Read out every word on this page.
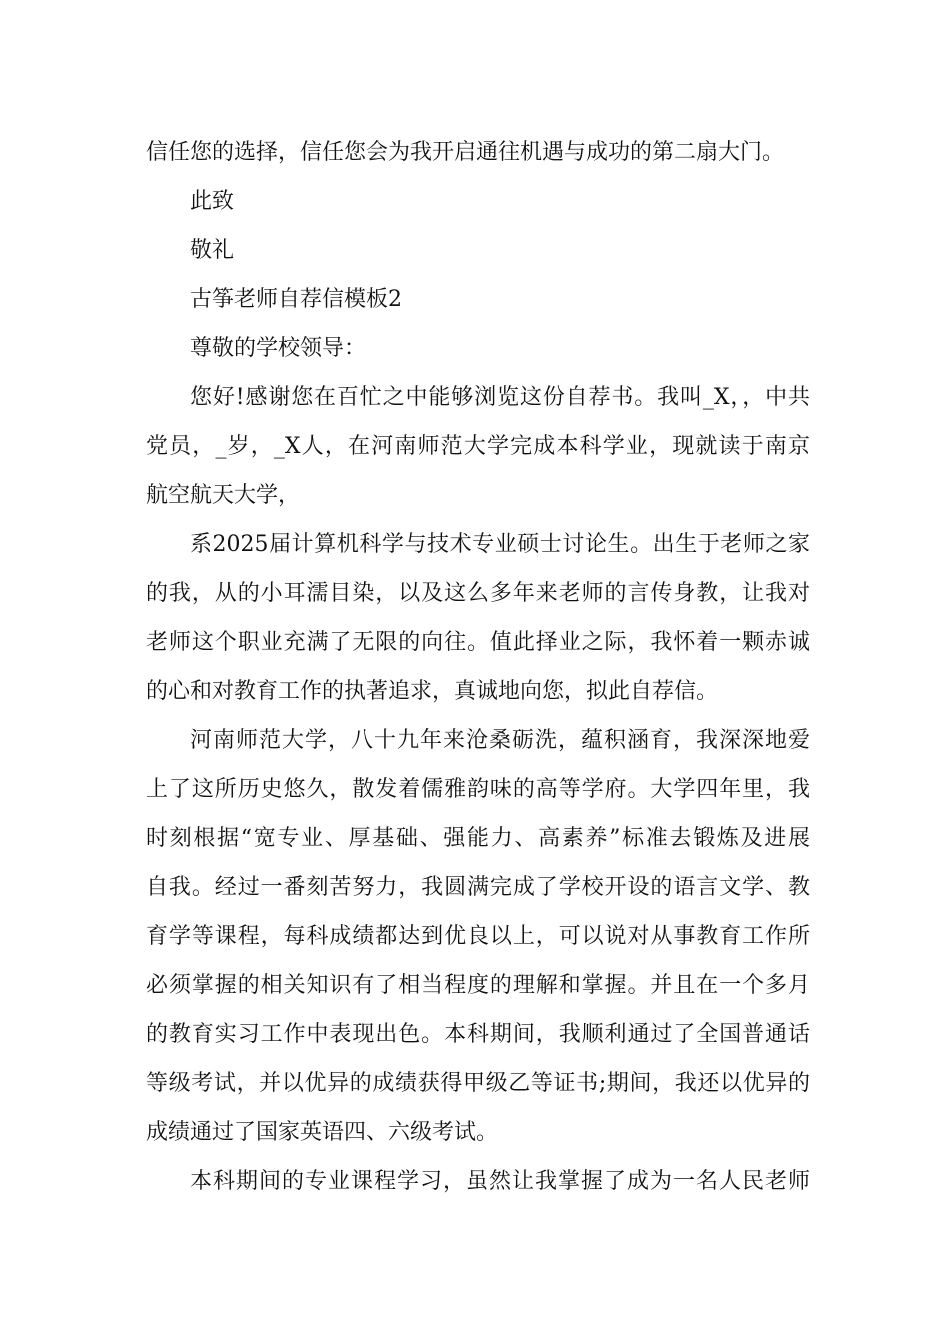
信任您的选择，信任您会为我开启通往机遇与成功的第二扇大门。
此致
敬礼
古筝老师自荐信模板2
尊敬的学校领导：
您好!感谢您在百忙之中能够浏览这份自荐书。我叫_X，，中共
党员，_岁，_X人，在河南师范大学完成本科学业，现就读于南京
航空航天大学，
系2025届计算机科学与技术专业硕士讨论生。出生于老师之家
的我，从的小耳濡目染，以及这么多年来老师的言传身教，让我对
老师这个职业充满了无限的向往。值此择业之际，我怀着一颗赤诚
的心和对教育工作的执著追求，真诚地向您，拟此自荐信。
河南师范大学，八十九年来沧桑砺洗，蕴积涵育，我深深地爱
上了这所历史悠久，散发着儒雅韵味的高等学府。大学四年里，我
时刻根据“宽专业、厚基础、强能力、高素养”标准去锻炼及进展
自我。经过一番刻苦努力，我圆满完成了学校开设的语言文学、教
育学等课程，每科成绩都达到优良以上，可以说对从事教育工作所
必须掌握的相关知识有了相当程度的理解和掌握。并且在一个多月
的教育实习工作中表现出色。本科期间，我顺利通过了全国普通话
等级考试，并以优异的成绩获得甲级乙等证书;期间，我还以优异的
成绩通过了国家英语四、六级考试。
本科期间的专业课程学习，虽然让我掌握了成为一名人民老师
